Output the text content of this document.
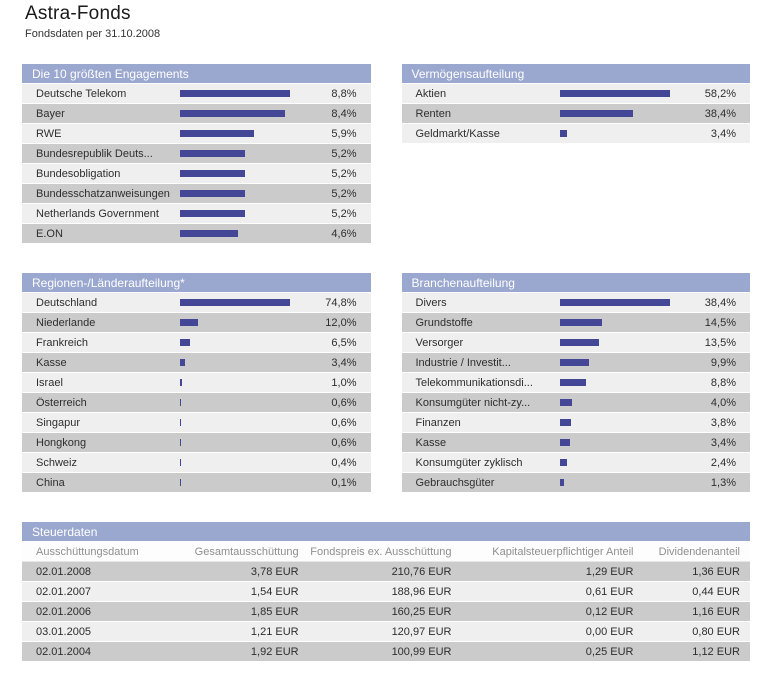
Astra-Fonds
Fondsdaten per 31.10.2008
Die 10 größten Engagements
Deutsche Telekom	8,8%
Bayer	8,4%
RWE	5,9%
Bundesrepublik Deuts...	5,2%
Bundesobligation	5,2%
Bundesschatzanweisungen	5,2%
Netherlands Government	5,2%
E.ON	4,6%
Vermögensaufteilung
Aktien	58,2%
Renten	38,4%
Geldmarkt/Kasse	3,4%
Regionen-/Länderaufteilung*
Deutschland	74,8%
Niederlande	12,0%
Frankreich	6,5%
Kasse	3,4%
Israel	1,0%
Österreich	0,6%
Singapur	0,6%
Hongkong	0,6%
Schweiz	0,4%
China	0,1%
Branchenaufteilung
Divers	38,4%
Grundstoffe	14,5%
Versorger	13,5%
Industrie / Investit...	9,9%
Telekommunikationsdi...	8,8%
Konsumgüter nicht-zy...	4,0%
Finanzen	3,8%
Kasse	3,4%
Konsumgüter zyklisch	2,4%
Gebrauchsgüter	1,3%
Steuerdaten
Ausschüttungsdatum	Gesamtausschüttung	Fondspreis ex. Ausschüttung	Kapitalsteuerpflichtiger Anteil	Dividendenanteil
02.01.2008	3,78 EUR	210,76 EUR	1,29 EUR	1,36 EUR
02.01.2007	1,54 EUR	188,96 EUR	0,61 EUR	0,44 EUR
02.01.2006	1,85 EUR	160,25 EUR	0,12 EUR	1,16 EUR
03.01.2005	1,21 EUR	120,97 EUR	0,00 EUR	0,80 EUR
02.01.2004	1,92 EUR	100,99 EUR	0,25 EUR	1,12 EUR
